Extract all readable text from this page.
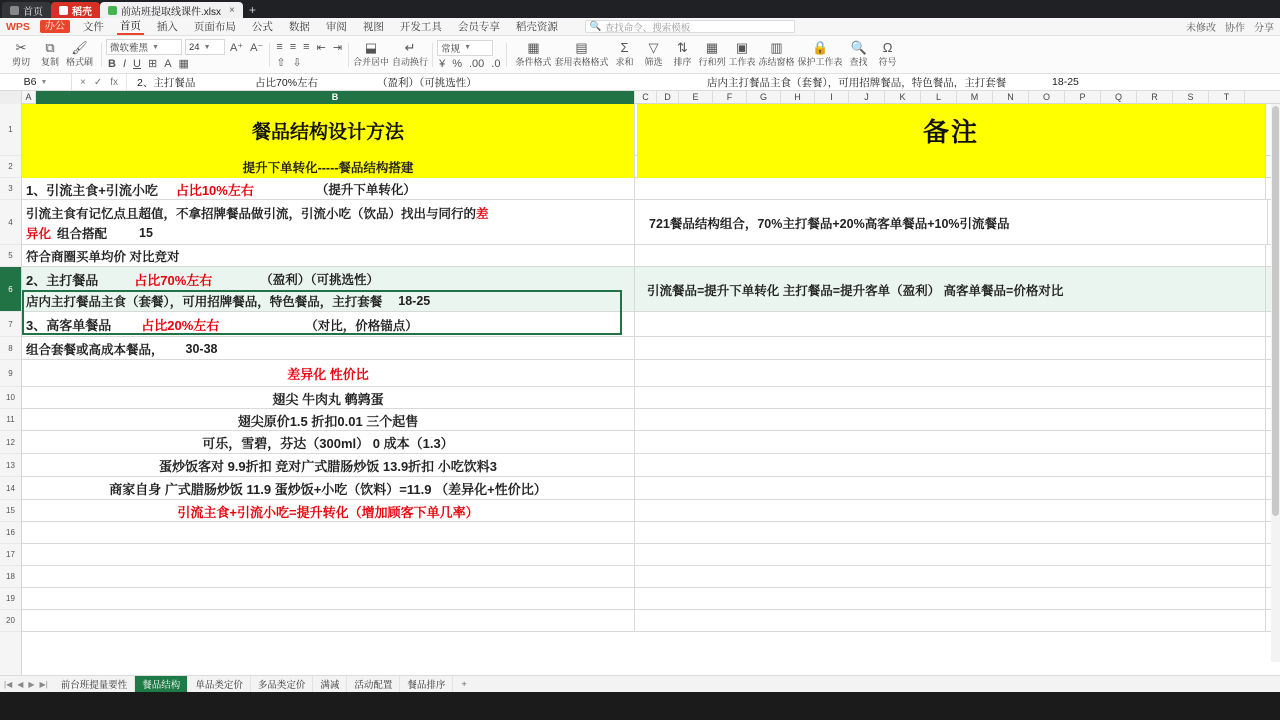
首页	稻壳	前站班提取线课件.xlsx ×	+
WPS	办公	文件 首页 插入 页面布局 公式 数据 审阅 视图 开发工具 会员专享 稻壳资源	🔍 查找命令、搜索模板	未修改 协作 分享
✂
剪切
⧉
复制
🖌
格式刷
微软雅黑 ▼	24 ▼ A⁺ A⁻
B I U ⊞ A ▦
≡ ≡ ≡ ⇤ ⇥
⇧ ⇩
⬓
合并居中
↵
自动换行
常规 ▼
¥ % .00 .0
▦
条件格式
▤
套用表格格式
Σ
求和
▽
筛选
⇅
排序
▦
行和列
▣
工作表
▥
冻结窗格
🔒
保护工作表
🔍
查找
Ω
符号
B6 ▼	× ✓ fx 2、主打餐品	占比70%左右	（盈利）（可挑选性）	店内主打餐品主食（套餐），可用招牌餐品，特色餐品，主打套餐	18-25
A	B	C	D	E	F	G	H	I	J	K	L	M	N	O	P	Q	R	S	T
1
2
3
4
5
6
7
8
9
10
11
12
13
14
15
16
17
18
19
20
餐品结构设计方法	备注
提升下单转化-----餐品结构搭建
1、引流主食+引流小吃 占比10%左右	（提升下单转化）
引流主食有记忆点且超值，不拿招牌餐品做引流，引流小吃（饮品）找出与同行的 差
异化 组合搭配	15
721餐品结构组合，70%主打餐品+20%高客单餐品+10%引流餐品
符合商圈买单均价 对比竞对
2、主打餐品	占比70%左右	（盈利）（可挑选性）
店内主打餐品主食（套餐），可用招牌餐品，特色餐品，主打套餐 18-25
引流餐品=提升下单转化 主打餐品=提升客单（盈利） 高客单餐品=价格对比
3、高客单餐品 占比20%左右	（对比，价格锚点）
组合套餐或高成本餐品， 30-38
差异化 性价比
翅尖 牛肉丸 鹌鹑蛋
翅尖原价1.5 折扣0.01 三个起售
可乐，雪碧，芬达（300ml） 0 成本（1.3）
蛋炒饭客对 9.9折扣 竞对广式腊肠炒饭 13.9折扣 小吃饮料3
商家自身 广式腊肠炒饭 11.9 蛋炒饭+小吃（饮料）=11.9 （差异化+性价比）
引流主食+引流小吃=提升转化（增加顾客下单几率）
|◀ ◀ ▶ ▶|	前台班提量要性	餐品结构	单品类定价	多品类定价	满减	活动配置	餐品排序	+
